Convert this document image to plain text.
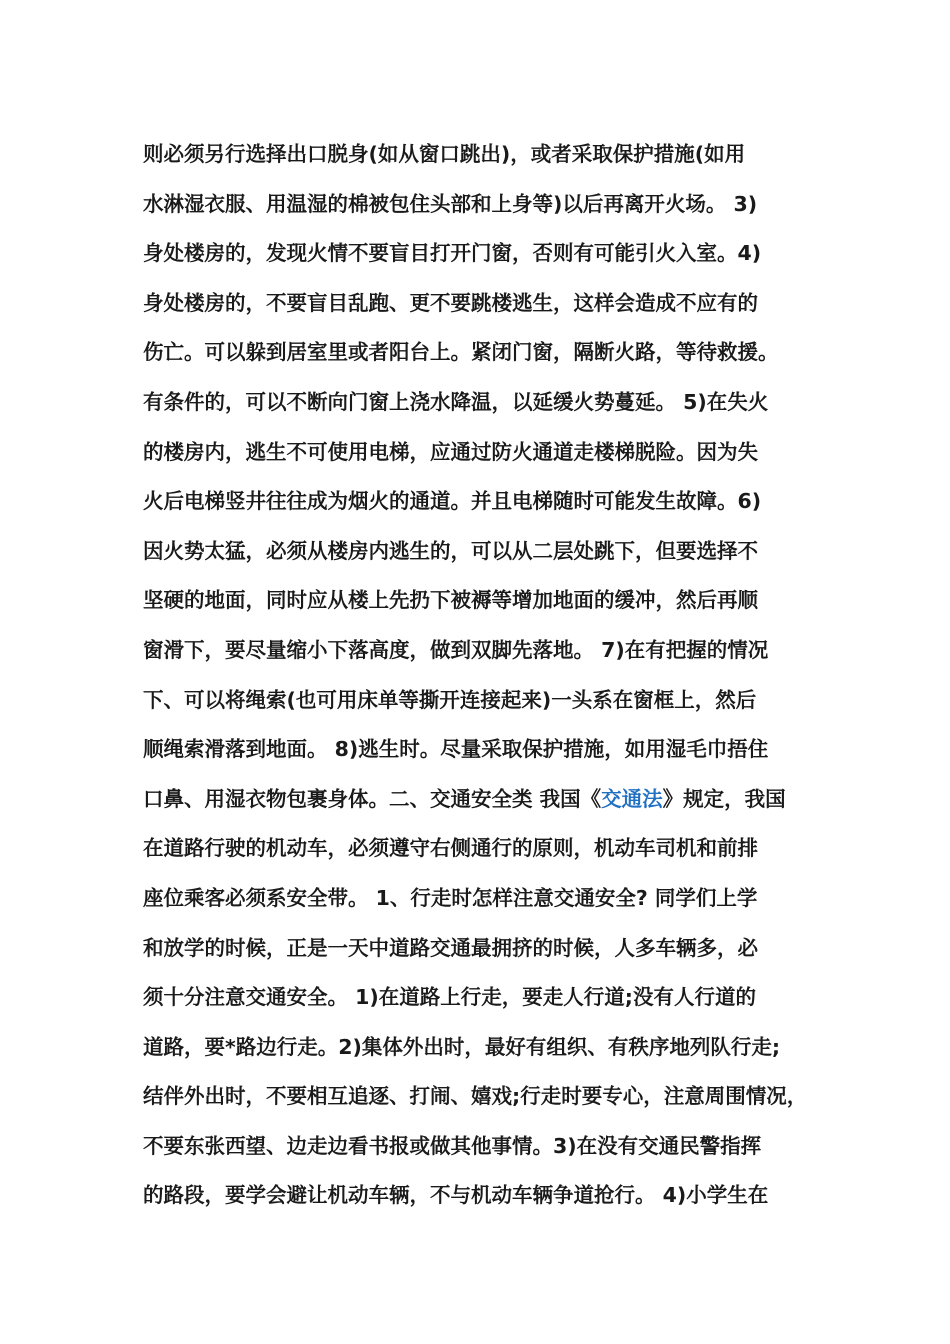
则必须另行选择出口脱身(如从窗口跳出)，或者采取保护措施(如用
水淋湿衣服、用温湿的棉被包住头部和上身等)以后再离开火场。 3)
身处楼房的，发现火情不要盲目打开门窗，否则有可能引火入室。4)
身处楼房的，不要盲目乱跑、更不要跳楼逃生，这样会造成不应有的
伤亡。可以躲到居室里或者阳台上。紧闭门窗，隔断火路，等待救援。
有条件的，可以不断向门窗上浇水降温，以延缓火势蔓延。 5)在失火
的楼房内，逃生不可使用电梯，应通过防火通道走楼梯脱险。因为失
火后电梯竖井往往成为烟火的通道。并且电梯随时可能发生故障。6)
因火势太猛，必须从楼房内逃生的，可以从二层处跳下，但要选择不
坚硬的地面，同时应从楼上先扔下被褥等增加地面的缓冲，然后再顺
窗滑下，要尽量缩小下落高度，做到双脚先落地。 7)在有把握的情况
下、可以将绳索(也可用床单等撕开连接起来)一头系在窗框上，然后
顺绳索滑落到地面。 8)逃生时。尽量采取保护措施，如用湿毛巾捂住
口鼻、用湿衣物包裹身体。二、交通安全类 我国《交通法》规定，我国
在道路行驶的机动车，必须遵守右侧通行的原则，机动车司机和前排
座位乘客必须系安全带。 1、行走时怎样注意交通安全? 同学们上学
和放学的时候，正是一天中道路交通最拥挤的时候，人多车辆多，必
须十分注意交通安全。 1)在道路上行走，要走人行道;没有人行道的
道路，要*路边行走。2)集体外出时，最好有组织、有秩序地列队行走;
结伴外出时，不要相互追逐、打闹、嬉戏;行走时要专心，注意周围情况，
不要东张西望、边走边看书报或做其他事情。3)在没有交通民警指挥
的路段，要学会避让机动车辆，不与机动车辆争道抢行。 4)小学生在
